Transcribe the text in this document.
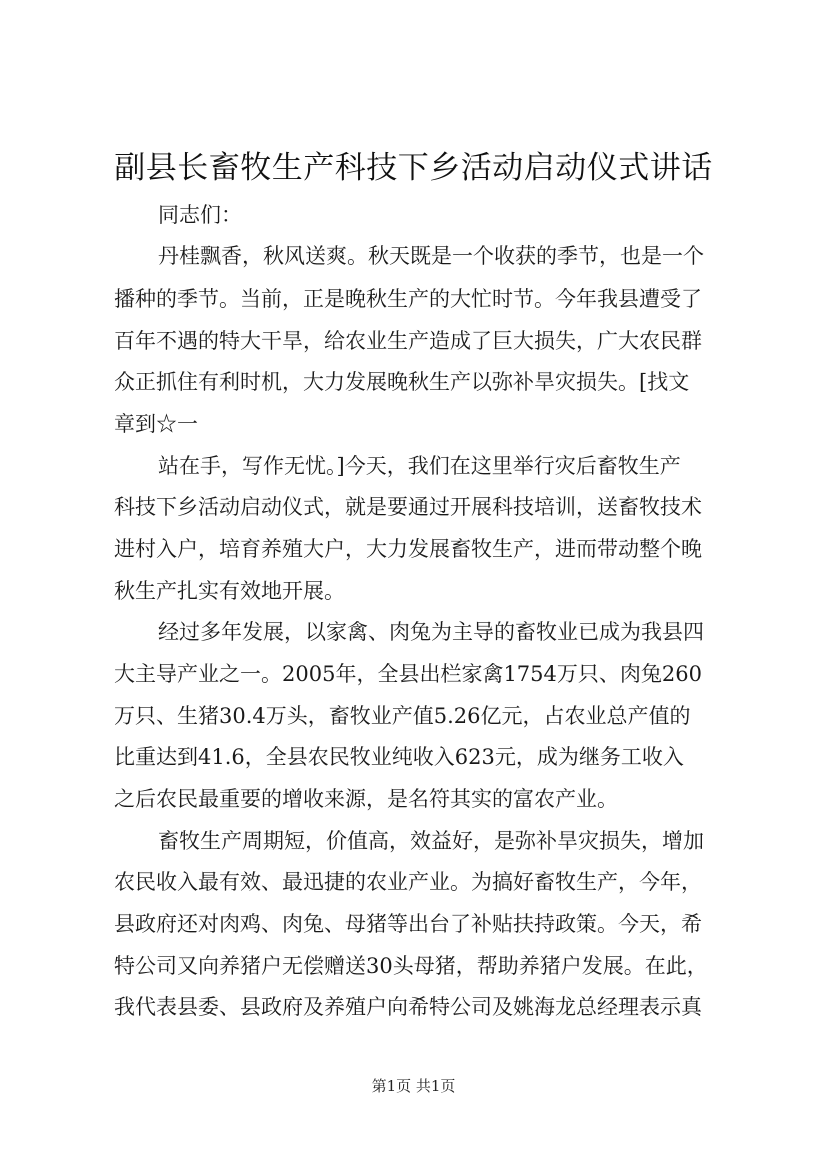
副县长畜牧生产科技下乡活动启动仪式讲话
同志们：
丹桂飘香，秋风送爽。秋天既是一个收获的季节，也是一个
播种的季节。当前，正是晚秋生产的大忙时节。今年我县遭受了
百年不遇的特大干旱，给农业生产造成了巨大损失，广大农民群
众正抓住有利时机，大力发展晚秋生产以弥补旱灾损失。[找文
章到☆一
站在手，写作无忧。]今天，我们在这里举行灾后畜牧生产
科技下乡活动启动仪式，就是要通过开展科技培训，送畜牧技术
进村入户，培育养殖大户，大力发展畜牧生产，进而带动整个晚
秋生产扎实有效地开展。
经过多年发展，以家禽、肉兔为主导的畜牧业已成为我县四
大主导产业之一。2005年，全县出栏家禽1754万只、肉兔260
万只、生猪30.4万头，畜牧业产值5.26亿元，占农业总产值的
比重达到41.6，全县农民牧业纯收入623元，成为继务工收入
之后农民最重要的增收来源，是名符其实的富农产业。
畜牧生产周期短，价值高，效益好，是弥补旱灾损失，增加
农民收入最有效、最迅捷的农业产业。为搞好畜牧生产，今年，
县政府还对肉鸡、肉兔、母猪等出台了补贴扶持政策。今天，希
特公司又向养猪户无偿赠送30头母猪，帮助养猪户发展。在此，
我代表县委、县政府及养殖户向希特公司及姚海龙总经理表示真
第1页 共1页
